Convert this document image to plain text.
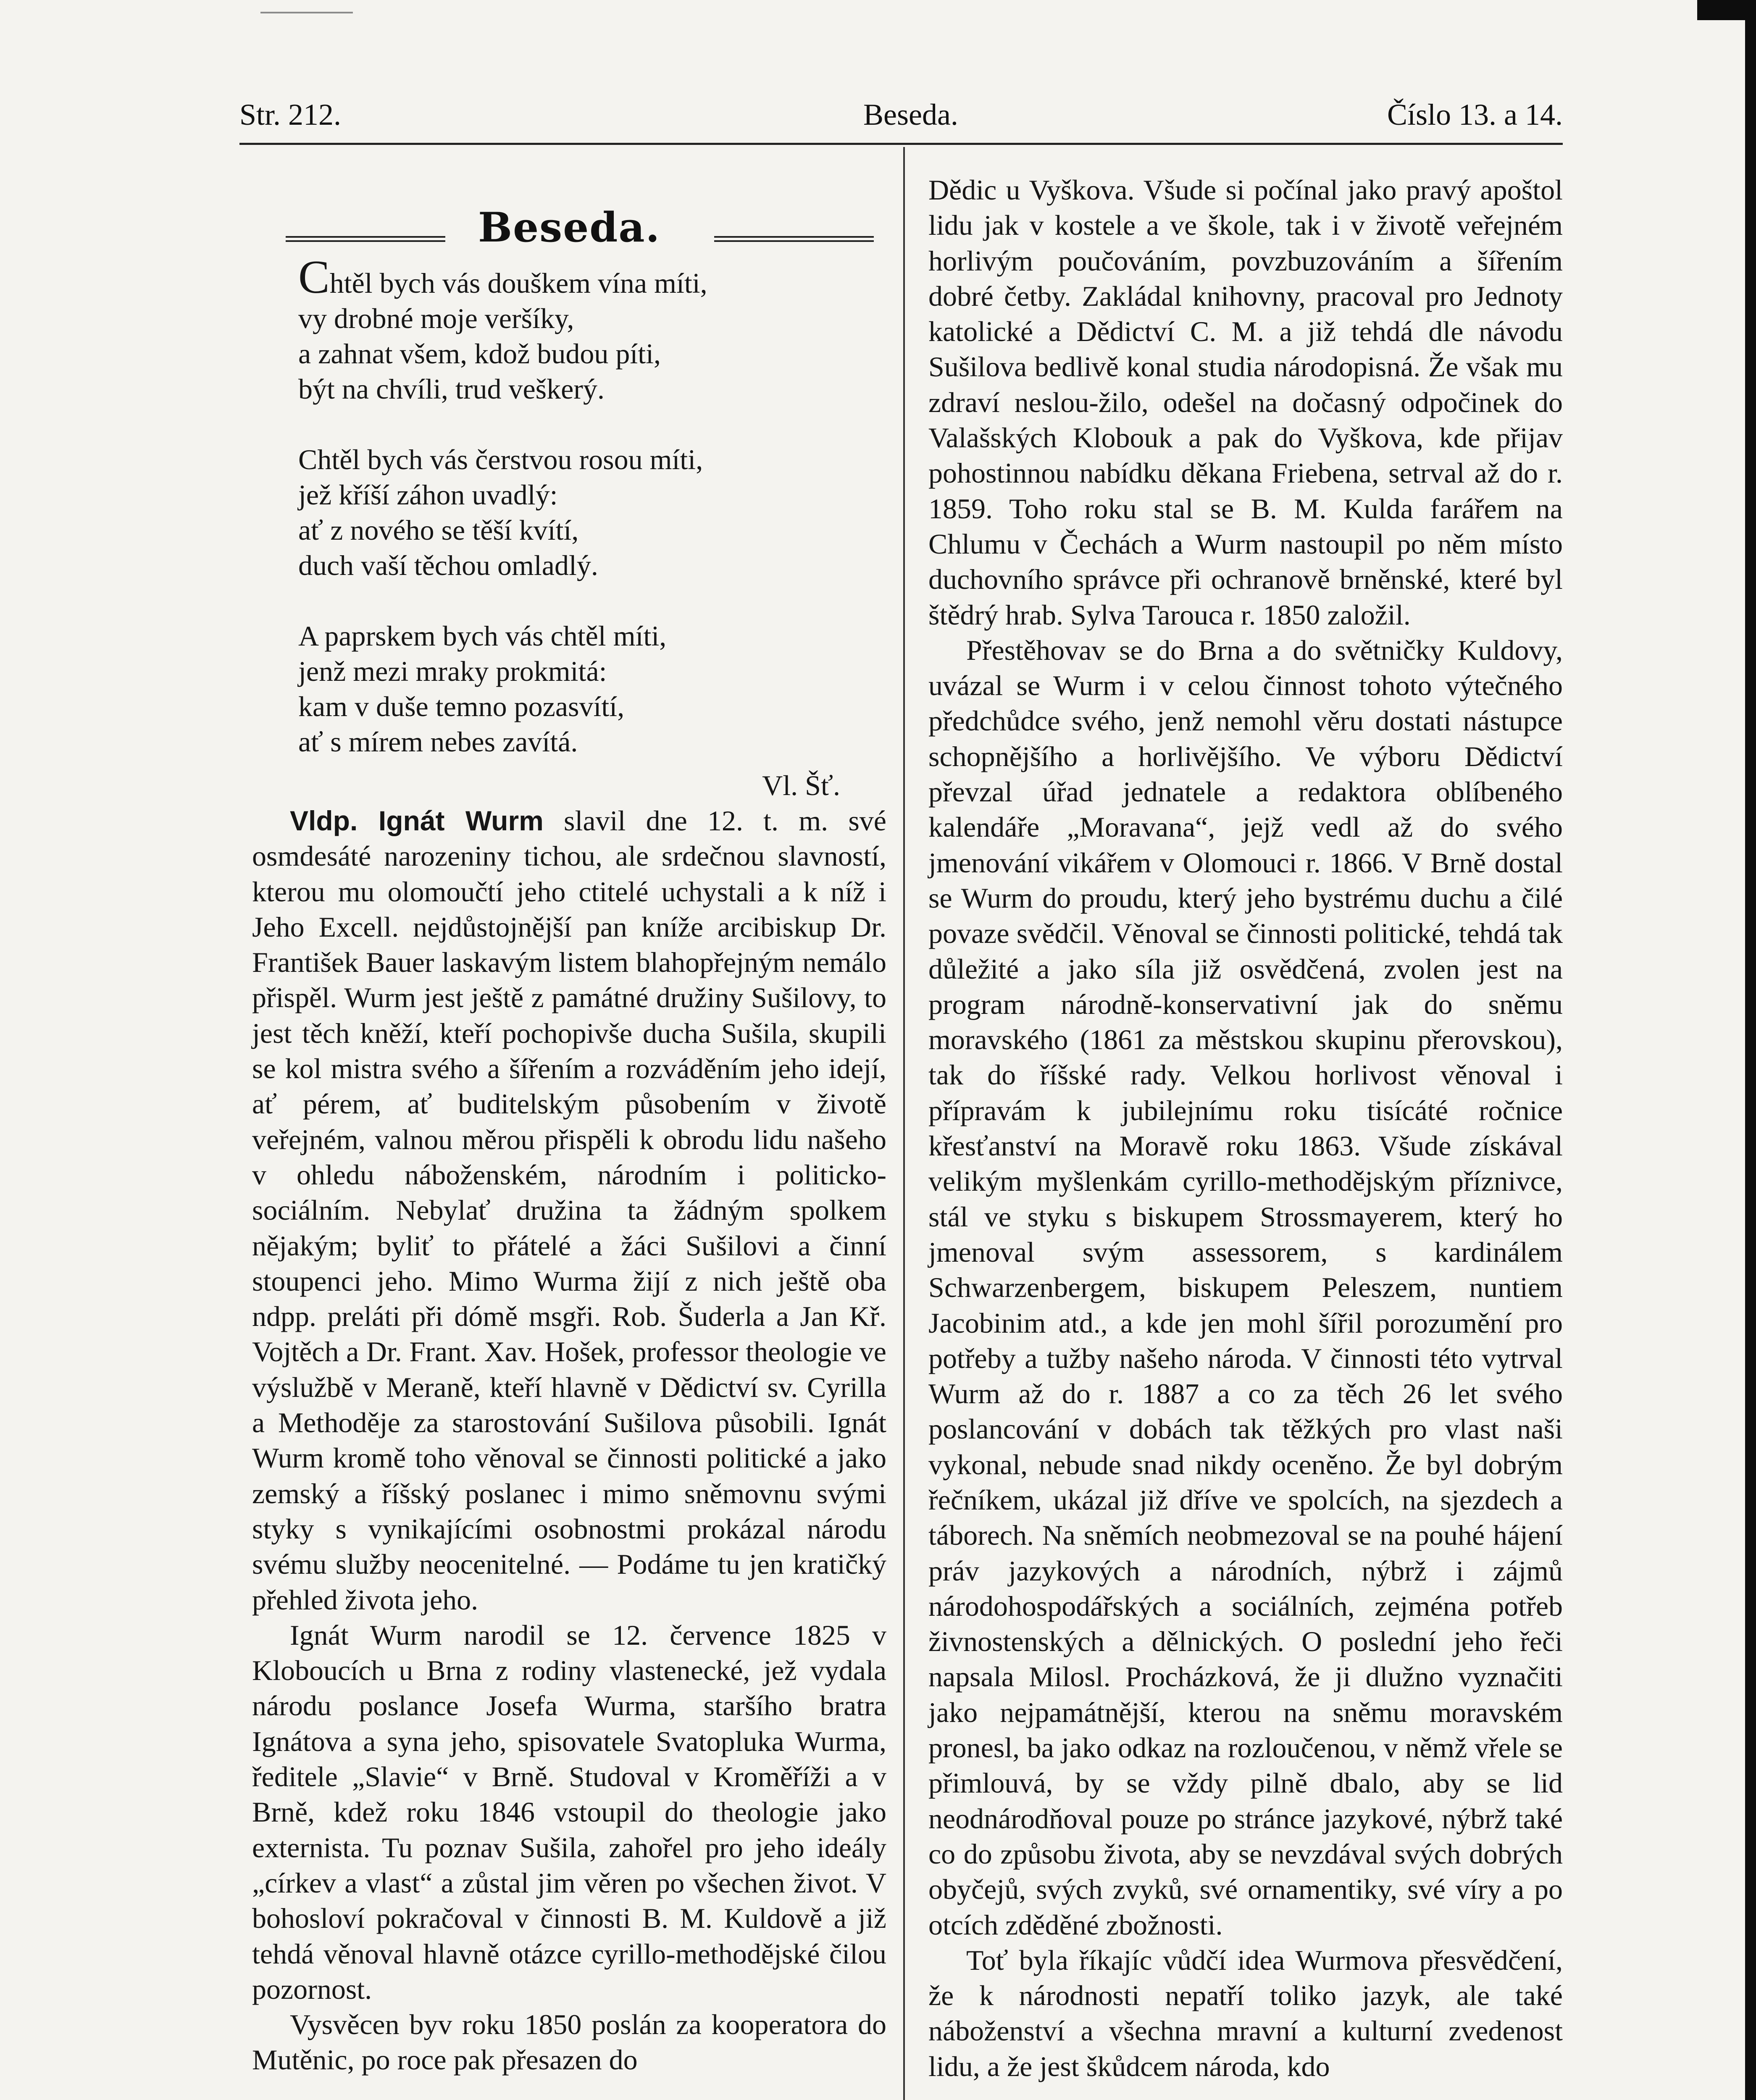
Str. 212.	Beseda.	Číslo 13. a 14.
Beseda.
Chtěl bych vás douškem vína míti,
vy drobné moje veršíky,
a zahnat všem, kdož budou píti,
být na chvíli, trud veškerý.
Chtěl bych vás čerstvou rosou míti,
jež kříší záhon uvadlý:
ať z nového se těší kvítí,
duch vaší těchou omladlý.
A paprskem bych vás chtěl míti,
jenž mezi mraky prokmitá:
kam v duše temno pozasvítí,
ať s mírem nebes zavítá.
Vl. Šť.

Vldp. Ignát Wurm slavil dne 12. t. m. své osmdesáté narozeniny tichou, ale srdečnou slavností, kterou mu olomoučtí jeho ctitelé uchystali a k níž i Jeho Excell. nejdůstojnější pan kníže arcibiskup Dr. František Bauer laskavým listem blahopřejným nemálo přispěl. Wurm jest ještě z památné družiny Sušilovy, to jest těch kněží, kteří pochopivše ducha Sušila, skupili se kol mistra svého a šířením a rozváděním jeho idejí, ať pérem, ať buditelským působením v životě veřejném, valnou měrou přispěli k obrodu lidu našeho v ohledu náboženském, národním i politicko-sociálním. Nebylať družina ta žádným spolkem nějakým; byliť to přátelé a žáci Sušilovi a činní stoupenci jeho. Mimo Wurma žijí z nich ještě oba ndpp. preláti při dómě msgři. Rob. Šuderla a Jan Kř. Vojtěch a Dr. Frant. Xav. Hošek, professor theologie ve výslužbě v Meraně, kteří hlavně v Dědictví sv. Cyrilla a Methoděje za starostování Sušilova působili. Ignát Wurm kromě toho věnoval se činnosti politické a jako zemský a říšský poslanec i mimo sněmovnu svými styky s vynikajícími osobnostmi prokázal národu svému služby neocenitelné. — Podáme tu jen kratičký přehled života jeho.

Ignát Wurm narodil se 12. července 1825 v Kloboucích u Brna z rodiny vlastenecké, jež vydala národu poslance Josefa Wurma, staršího bratra Ignátova a syna jeho, spisovatele Svatopluka Wurma, ředitele „Slavie“ v Brně. Studoval v Kroměříži a v Brně, kdež roku 1846 vstoupil do theologie jako externista. Tu poznav Sušila, zahořel pro jeho ideály „církev a vlast“ a zůstal jim věren po všechen život. V bohosloví pokračoval v činnosti B. M. Kuldově a již tehdá věnoval hlavně otázce cyrillo-methodějské čilou pozornost.

Vysvěcen byv roku 1850 poslán za kooperatora do Mutěnic, po roce pak přesazen do

Dědic u Vyškova. Všude si počínal jako pravý apoštol lidu jak v kostele a ve škole, tak i v životě veřejném horlivým poučováním, povzbuzováním a šířením dobré četby. Zakládal knihovny, pracoval pro Jednoty katolické a Dědictví C. M. a již tehdá dle návodu Sušilova bedlivě konal studia národopisná. Že však mu zdraví neslou-žilo, odešel na dočasný odpočinek do Valašských Klobouk a pak do Vyškova, kde přijav pohostinnou nabídku děkana Friebena, setrval až do r. 1859. Toho roku stal se B. M. Kulda farářem na Chlumu v Čechách a Wurm nastoupil po něm místo duchovního správce při ochranově brněnské, které byl štědrý hrab. Sylva Tarouca r. 1850 založil.

Přestěhovav se do Brna a do světničky Kuldovy, uvázal se Wurm i v celou činnost tohoto výtečného předchůdce svého, jenž nemohl věru dostati nástupce schopnějšího a horlivějšího. Ve výboru Dědictví převzal úřad jednatele a redaktora oblíbeného kalendáře „Moravana“, jejž vedl až do svého jmenování vikářem v Olomouci r. 1866. V Brně dostal se Wurm do proudu, který jeho bystrému duchu a čilé povaze svědčil. Věnoval se činnosti politické, tehdá tak důležité a jako síla již osvědčená, zvolen jest na program národně-konservativní jak do sněmu moravského (1861 za městskou skupinu přerovskou), tak do říšské rady. Velkou horlivost věnoval i přípravám k jubilejnímu roku tisícáté ročnice křesťanství na Moravě roku 1863. Všude získával velikým myšlenkám cyrillo-methodějským příznivce, stál ve styku s biskupem Strossmayerem, který ho jmenoval svým assessorem, s kardinálem Schwarzenbergem, biskupem Peleszem, nuntiem Jacobinim atd., a kde jen mohl šířil porozumění pro potřeby a tužby našeho národa. V činnosti této vytrval Wurm až do r. 1887 a co za těch 26 let svého poslancování v dobách tak těžkých pro vlast naši vykonal, nebude snad nikdy oceněno. Že byl dobrým řečníkem, ukázal již dříve ve spolcích, na sjezdech a táborech. Na sněmích neobmezoval se na pouhé hájení práv jazykových a národních, nýbrž i zájmů národohospodářských a sociálních, zejména potřeb živnostenských a dělnických. O poslední jeho řeči napsala Milosl. Procházková, že ji dlužno vyznačiti jako nejpamátnější, kterou na sněmu moravském pronesl, ba jako odkaz na rozloučenou, v němž vřele se přimlouvá, by se vždy pilně dbalo, aby se lid neodnárodňoval pouze po stránce jazykové, nýbrž také co do způsobu života, aby se nevzdával svých dobrých obyčejů, svých zvyků, své ornamentiky, své víry a po otcích zděděné zbožnosti.

Toť byla říkajíc vůdčí idea Wurmova přesvědčení, že k národnosti nepatří toliko jazyk, ale také náboženství a všechna mravní a kulturní zvedenost lidu, a že jest škůdcem národa, kdo
